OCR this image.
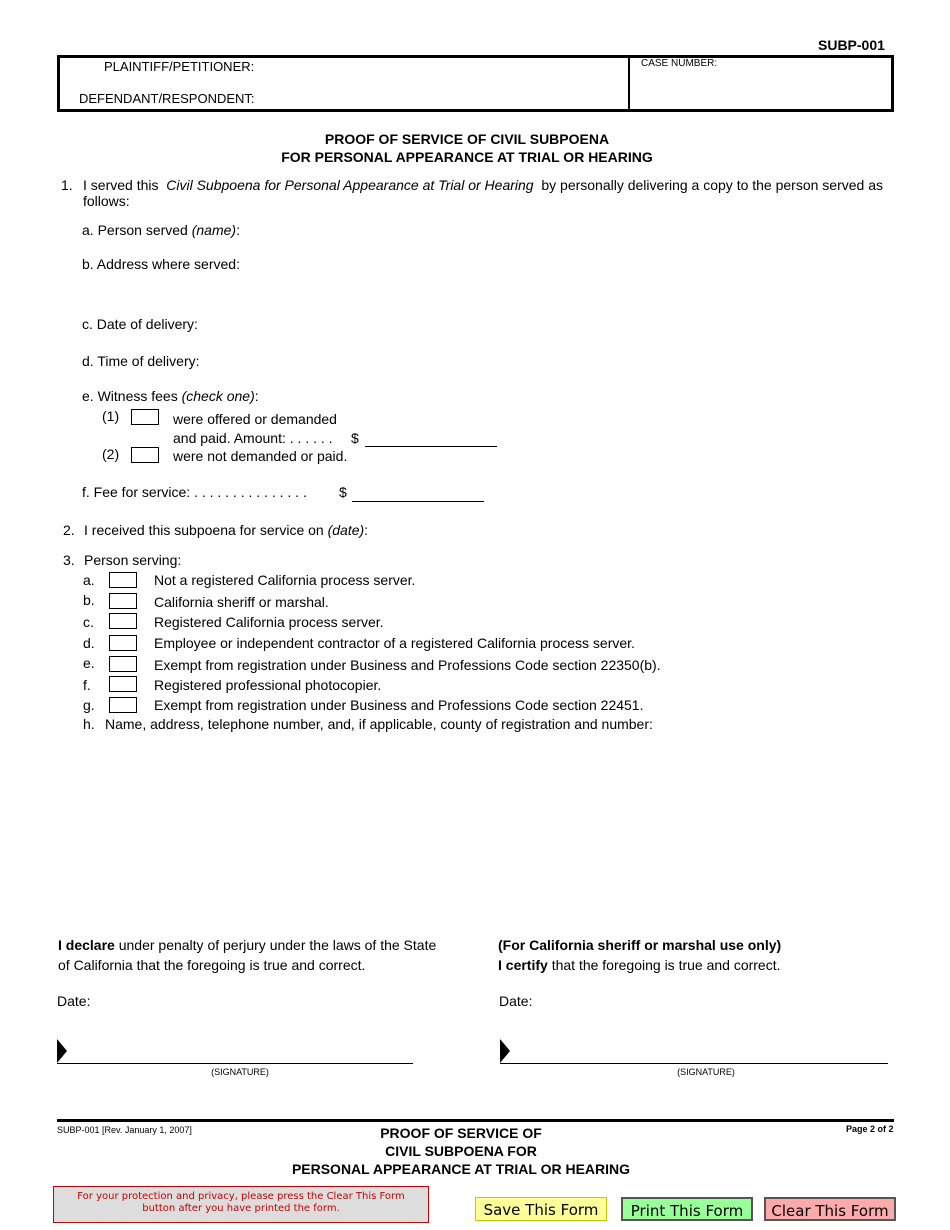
SUBP-001
PLAINTIFF/PETITIONER:
DEFENDANT/RESPONDENT:
CASE NUMBER:
PROOF OF SERVICE OF CIVIL SUBPOENA
FOR PERSONAL APPEARANCE AT TRIAL OR HEARING
1. I served this Civil Subpoena for Personal Appearance at Trial or Hearing by personally delivering a copy to the person served as
follows:
a. Person served (name):
b. Address where served:
c. Date of delivery:
d. Time of delivery:
e. Witness fees (check one):
(1)	were offered or demanded
and paid. Amount: . . . . . . $
(2)	were not demanded or paid.
f. Fee for service: . . . . . . . . . . . . . . . $
2. I received this subpoena for service on (date):
3. Person serving:
a.	Not a registered California process server.
b.	California sheriff or marshal.
c.	Registered California process server.
d.	Employee or independent contractor of a registered California process server.
e.	Exempt from registration under Business and Professions Code section 22350(b).
f.	Registered professional photocopier.
g.	Exempt from registration under Business and Professions Code section 22451.
h. Name, address, telephone number, and, if applicable, county of registration and number:
I declare under penalty of perjury under the laws of the State
of California that the foregoing is true and correct.
(For California sheriff or marshal use only)
I certify that the foregoing is true and correct.
Date:	Date:
(SIGNATURE)	(SIGNATURE)
SUBP-001 [Rev. January 1, 2007]	Page 2 of 2
PROOF OF SERVICE OF
CIVIL SUBPOENA FOR
PERSONAL APPEARANCE AT TRIAL OR HEARING
For your protection and privacy, please press the Clear This Form button after you have printed the form.	Save This Form	Print This Form	Clear This Form
